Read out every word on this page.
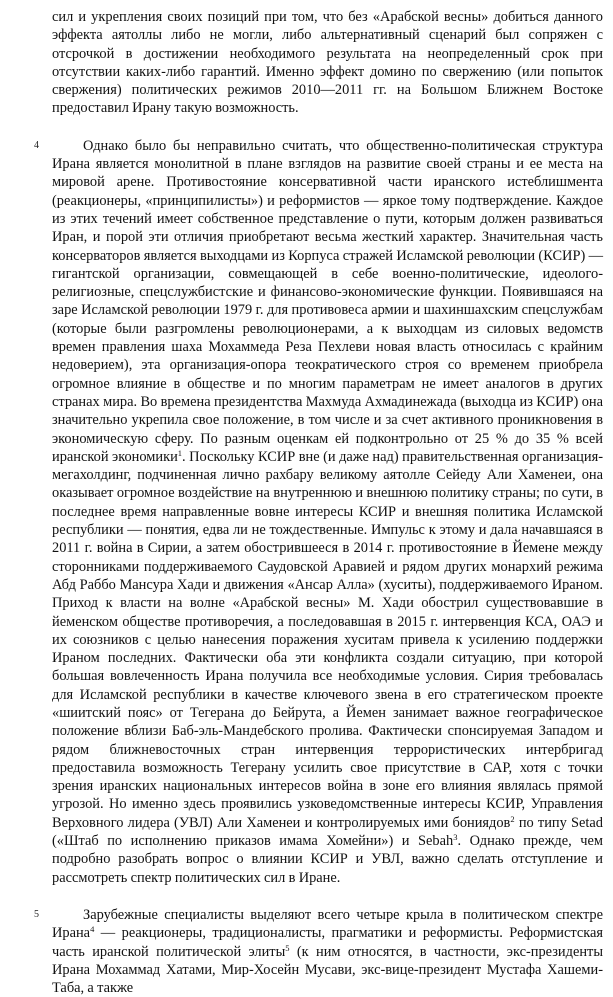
сил и укрепления своих позиций при том, что без «Арабской весны» добиться данного эффекта аятоллы либо не могли, либо альтернативный сценарий был сопряжен с отсрочкой в достижении необходимого результата на неопределенный срок при отсутствии каких-либо гарантий. Именно эффект домино по свержению (или попыток свержения) политических режимов 2010—2011 гг. на Большом Ближнем Востоке предоставил Ирану такую возможность.

4	Однако было бы неправильно считать, что общественно-политическая структура Ирана является монолитной в плане взглядов на развитие своей страны и ее места на мировой арене. Противостояние консервативной части иранского истеблишмента (реакционеры, «принципилисты») и реформистов — яркое тому подтверждение. Каждое из этих течений имеет собственное представление о пути, которым должен развиваться Иран, и порой эти отличия приобретают весьма жесткий характер. Значительная часть консерваторов является выходцами из Корпуса стражей Исламской революции (КСИР) — гигантской организации, совмещающей в себе военно-политические, идеолого-религиозные, спецслужбистские и финансово-экономические функции. Появившаяся на заре Исламской революции 1979 г. для противовеса армии и шахиншахским спецслужбам (которые были разгромлены революционерами, а к выходцам из силовых ведомств времен правления шаха Мохаммеда Реза Пехлеви новая власть относилась с крайним недоверием), эта организация-опора теократического строя со временем приобрела огромное влияние в обществе и по многим параметрам не имеет аналогов в других странах мира. Во времена президентства Махмуда Ахмадинежада (выходца из КСИР) она значительно укрепила свое положение, в том числе и за счет активного проникновения в экономическую сферу. По разным оценкам ей подконтрольно от 25 % до 35 % всей иранской экономики$^1$. Поскольку КСИР вне (и даже над) правительственная организация-мегахолдинг, подчиненная лично рахбару великому аятолле Сейеду Али Хаменеи, она оказывает огромное воздействие на внутреннюю и внешнюю политику страны; по сути, в последнее время направленные вовне интересы КСИР и внешняя политика Исламской республики — понятия, едва ли не тождественные. Импульс к этому и дала начавшаяся в 2011 г. война в Сирии, а затем обострившееся в 2014 г. противостояние в Йемене между сторонниками поддерживаемого Саудовской Аравией и рядом других монархий режима Абд Раббо Мансура Хади и движения «Ансар Алла» (хуситы), поддерживаемого Ираном. Приход к власти на волне «Арабской весны» М. Хади обострил существовавшие в йеменском обществе противоречия, а последовавшая в 2015 г. интервенция КСА, ОАЭ и их союзников с целью нанесения поражения хуситам привела к усилению поддержки Ираном последних. Фактически оба эти конфликта создали ситуацию, при которой большая вовлеченность Ирана получила все необходимые условия. Сирия требовалась для Исламской республики в качестве ключевого звена в его стратегическом проекте «шиитский пояс» от Тегерана до Бейрута, а Йемен занимает важное географическое положение вблизи Баб-эль-Мандебского пролива. Фактически спонсируемая Западом и рядом ближневосточных стран интервенция террористических интербригад предоставила возможность Тегерану усилить свое присутствие в САР, хотя с точки зрения иранских национальных интересов война в зоне его влияния являлась прямой угрозой. Но именно здесь проявились узковедомственные интересы КСИР, Управления Верховного лидера (УВЛ) Али Хаменеи и контролируемых ими бониядов$^2$ по типу Setad («Штаб по исполнению приказов имама Хомейни») и Sebah$^3$. Однако прежде, чем подробно разобрать вопрос о влиянии КСИР и УВЛ, важно сделать отступление и рассмотреть спектр политических сил в Иране.

5	Зарубежные специалисты выделяют всего четыре крыла в политическом спектре Ирана$^4$ — реакционеры, традиционалисты, прагматики и реформисты. Реформистская часть иранской политической элиты$^5$ (к ним относятся, в частности, экс-президенты Ирана Мохаммад Хатами, Мир-Хосейн Мусави, экс-вице-президент Мустафа Хашеми-Таба, а также
